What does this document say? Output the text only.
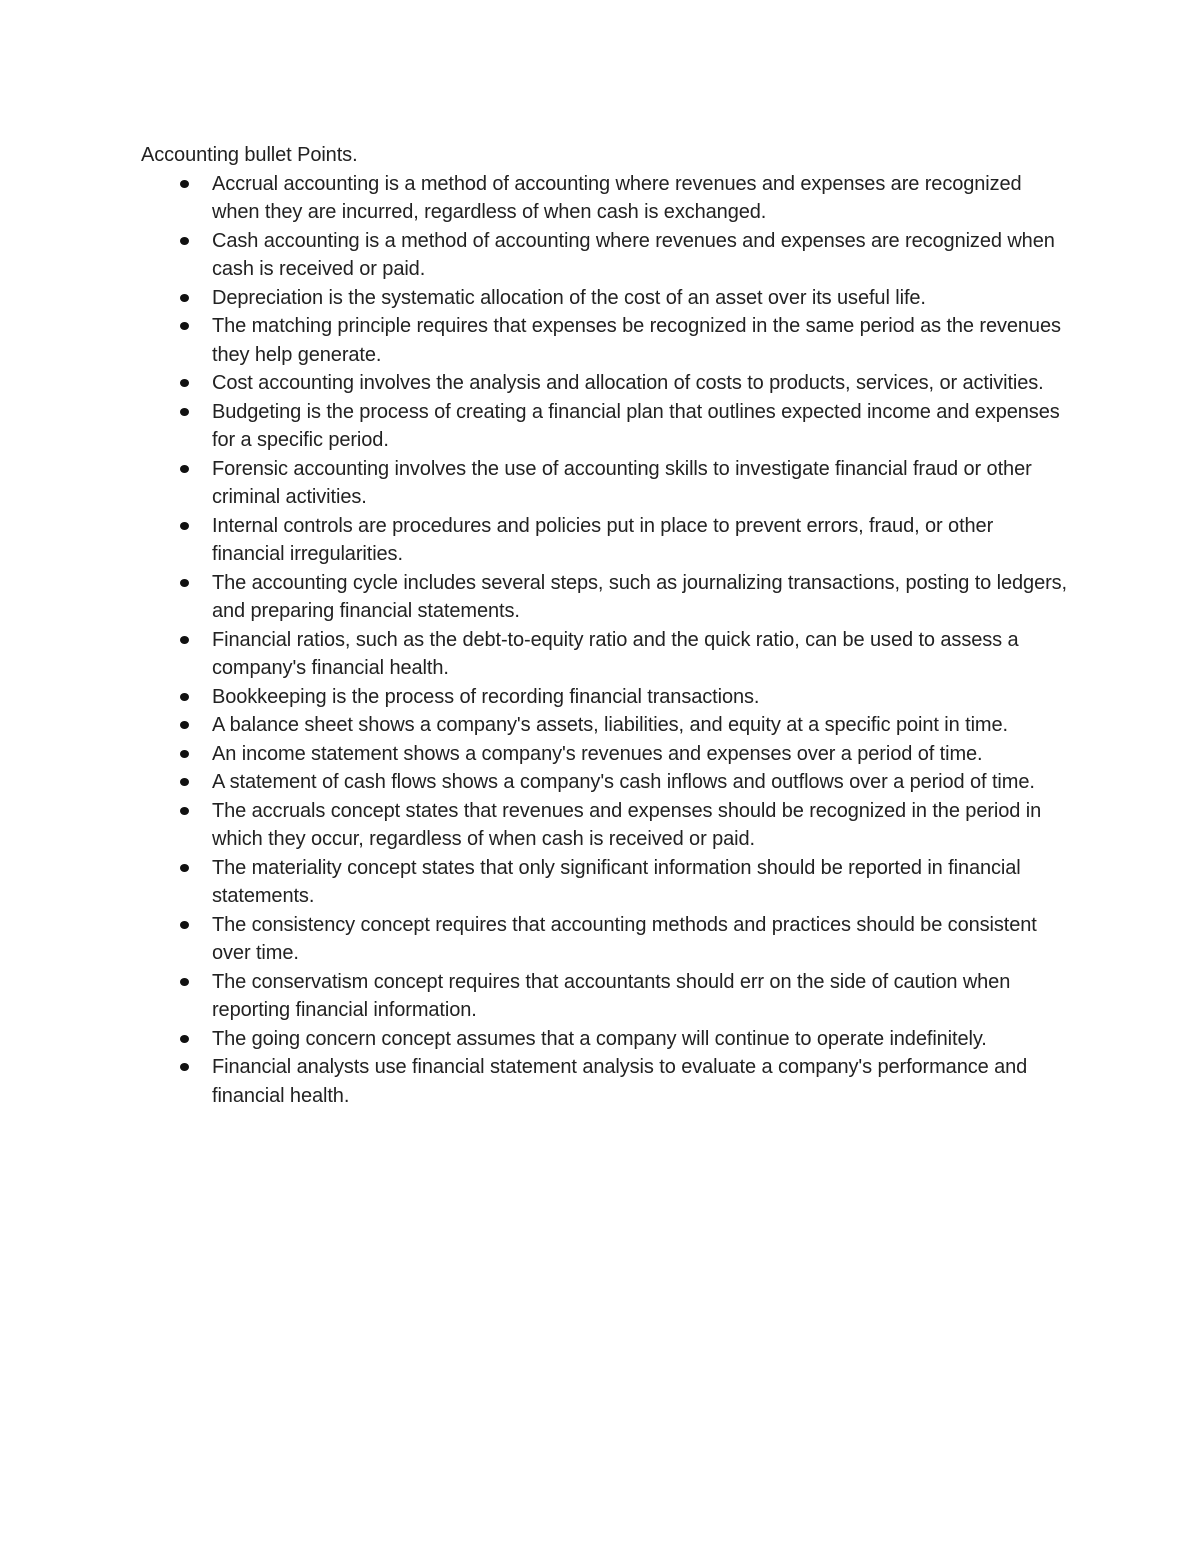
Accounting bullet Points.

Accrual accounting is a method of accounting where revenues and expenses are recognized when they are incurred, regardless of when cash is exchanged.
Cash accounting is a method of accounting where revenues and expenses are recognized when cash is received or paid.
Depreciation is the systematic allocation of the cost of an asset over its useful life.
The matching principle requires that expenses be recognized in the same period as the revenues they help generate.
Cost accounting involves the analysis and allocation of costs to products, services, or activities.
Budgeting is the process of creating a financial plan that outlines expected income and expenses for a specific period.
Forensic accounting involves the use of accounting skills to investigate financial fraud or other criminal activities.
Internal controls are procedures and policies put in place to prevent errors, fraud, or other financial irregularities.
The accounting cycle includes several steps, such as journalizing transactions, posting to ledgers, and preparing financial statements.
Financial ratios, such as the debt-to-equity ratio and the quick ratio, can be used to assess a company's financial health.
Bookkeeping is the process of recording financial transactions.
A balance sheet shows a company's assets, liabilities, and equity at a specific point in time.
An income statement shows a company's revenues and expenses over a period of time.
A statement of cash flows shows a company's cash inflows and outflows over a period of time.
The accruals concept states that revenues and expenses should be recognized in the period in which they occur, regardless of when cash is received or paid.
The materiality concept states that only significant information should be reported in financial statements.
The consistency concept requires that accounting methods and practices should be consistent over time.
The conservatism concept requires that accountants should err on the side of caution when reporting financial information.
The going concern concept assumes that a company will continue to operate indefinitely.
Financial analysts use financial statement analysis to evaluate a company's performance and financial health.
